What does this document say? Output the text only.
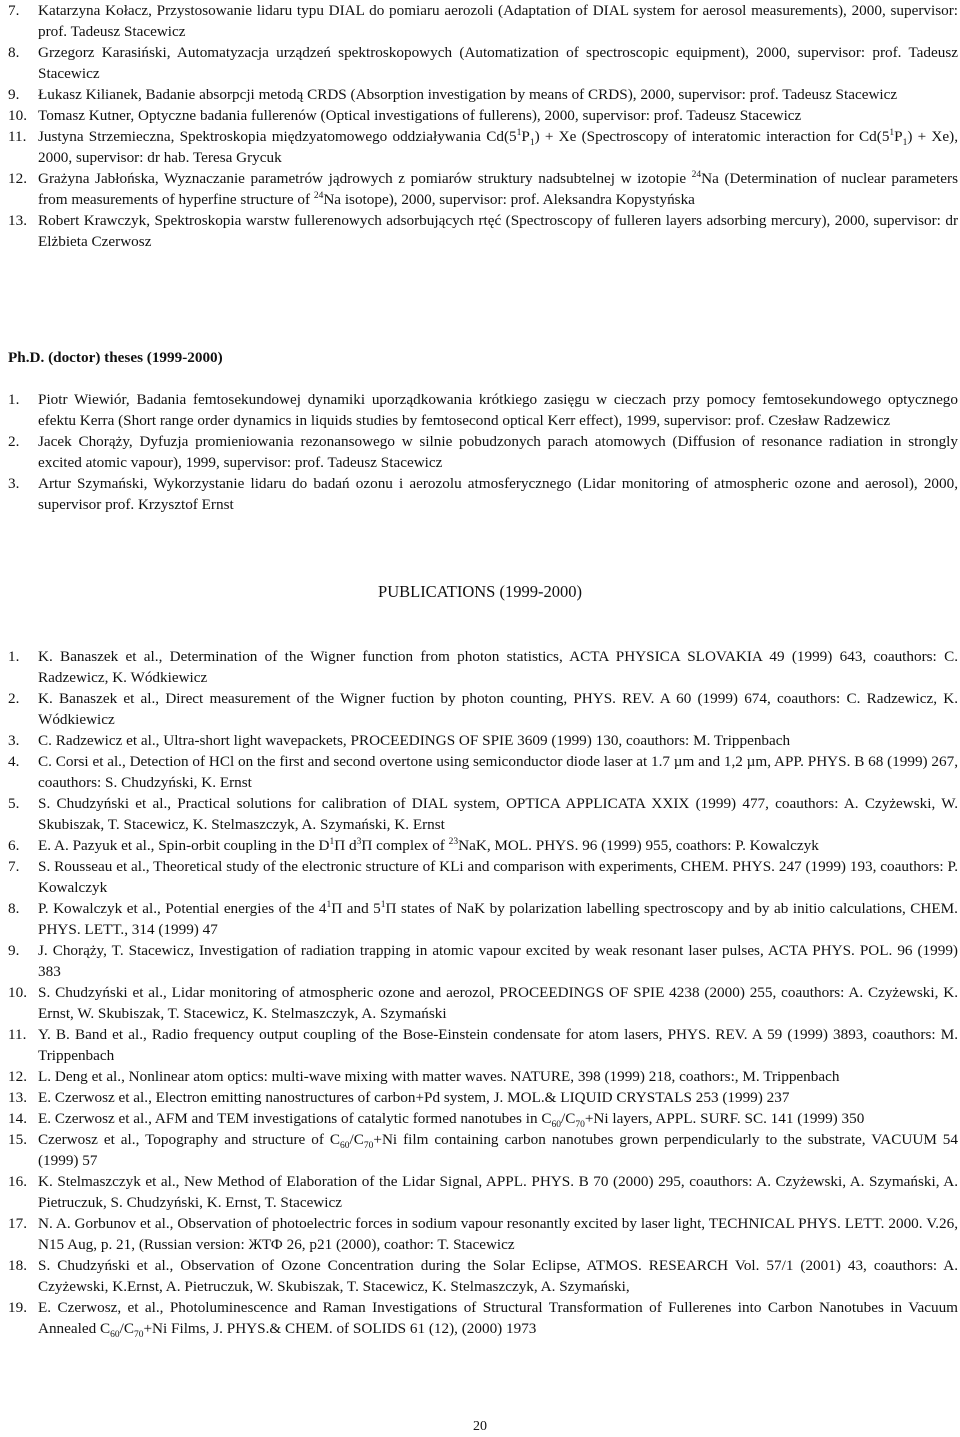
7. Katarzyna Kołacz, Przystosowanie lidaru typu DIAL do pomiaru aerozoli (Adaptation of DIAL system for aerosol measurements), 2000, supervisor: prof. Tadeusz Stacewicz
8. Grzegorz Karasiński, Automatyzacja urządzeń spektroskopowych (Automatization of spectroscopic equipment), 2000, supervisor: prof. Tadeusz Stacewicz
9. Łukasz Kilianek, Badanie absorpcji metodą CRDS (Absorption investigation by means of CRDS), 2000, supervisor: prof. Tadeusz Stacewicz
10. Tomasz Kutner, Optyczne badania fullerenów (Optical investigations of fullerens), 2000, supervisor: prof. Tadeusz Stacewicz
11. Justyna Strzemieczna, Spektroskopia międzyatomowego oddziaływania $Cd(5^1P_1) + Xe$ (Spectroscopy of interatomic interaction for $Cd(5^1P_1) + Xe$), 2000, supervisor: dr hab. Teresa Grycuk
12. Grażyna Jabłońska, Wyznaczanie parametrów jądrowych z pomiarów struktury nadsubtelnej w izotopie $^{24}$Na (Determination of nuclear parameters from measurements of hyperfine structure of $^{24}$Na isotope), 2000, supervisor: prof. Aleksandra Kopystyńska
13. Robert Krawczyk, Spektroskopia warstw fullerenowych adsorbujących rtęć (Spectroscopy of fulleren layers adsorbing mercury), 2000, supervisor: dr Elżbieta Czerwosz
Ph.D. (doctor) theses (1999-2000)
1. Piotr Wiewiór, Badania femtosekundowej dynamiki uporządkowania krótkiego zasięgu w cieczach przy pomocy femtosekundowego optycznego efektu Kerra (Short range order dynamics in liquids studies by femtosecond optical Kerr effect), 1999, supervisor: prof. Czesław Radzewicz
2. Jacek Chorąży, Dyfuzja promieniowania rezonansowego w silnie pobudzonych parach atomowych (Diffusion of resonance radiation in strongly excited atomic vapour), 1999, supervisor: prof. Tadeusz Stacewicz
3. Artur Szymański, Wykorzystanie lidaru do badań ozonu i aerozolu atmosferycznego (Lidar monitoring of atmospheric ozone and aerosol), 2000, supervisor prof. Krzysztof Ernst
PUBLICATIONS (1999-2000)
1. K. Banaszek et al., Determination of the Wigner function from photon statistics, ACTA PHYSICA SLOVAKIA 49 (1999) 643, coauthors: C. Radzewicz, K. Wódkiewicz
2. K. Banaszek et al., Direct measurement of the Wigner fuction by photon counting, PHYS. REV. A 60 (1999) 674, coauthors: C. Radzewicz, K. Wódkiewicz
3. C. Radzewicz et al., Ultra-short light wavepackets, PROCEEDINGS OF SPIE 3609 (1999) 130, coauthors: M. Trippenbach
4. C. Corsi et al., Detection of HCl on the first and second overtone using semiconductor diode laser at 1.7 µm and 1,2 µm, APP. PHYS. B 68 (1999) 267, coauthors: S. Chudzyński, K. Ernst
5. S. Chudzyński et al., Practical solutions for calibration of DIAL system, OPTICA APPLICATA XXIX (1999) 477, coauthors: A. Czyżewski, W. Skubiszak, T. Stacewicz, K. Stelmaszczyk, A. Szymański, K. Ernst
6. E. A. Pazyuk et al., Spin-orbit coupling in the $D^1\Pi$ $d^3\Pi$ complex of $^{23}$NaK, MOL. PHYS. 96 (1999) 955, coathors: P. Kowalczyk
7. S. Rousseau et al., Theoretical study of the electronic structure of KLi and comparison with experiments, CHEM. PHYS. 247 (1999) 193, coauthors: P. Kowalczyk
8. P. Kowalczyk et al., Potential energies of the $4^1\Pi$ and $5^1\Pi$ states of NaK by polarization labelling spectroscopy and by ab initio calculations, CHEM. PHYS. LETT., 314 (1999) 47
9. J. Chorąży, T. Stacewicz, Investigation of radiation trapping in atomic vapour excited by weak resonant laser pulses, ACTA PHYS. POL. 96 (1999) 383
10. S. Chudzyński et al., Lidar monitoring of atmospheric ozone and aerozol, PROCEEDINGS OF SPIE 4238 (2000) 255, coauthors: A. Czyżewski, K. Ernst, W. Skubiszak, T. Stacewicz, K. Stelmaszczyk, A. Szymański
11. Y. B. Band et al., Radio frequency output coupling of the Bose-Einstein condensate for atom lasers, PHYS. REV. A 59 (1999) 3893, coauthors: M. Trippenbach
12. L. Deng et al., Nonlinear atom optics: multi-wave mixing with matter waves. NATURE, 398 (1999) 218, coathors:, M. Trippenbach
13. E. Czerwosz et al., Electron emitting nanostructures of carbon+Pd system, J. MOL.& LIQUID CRYSTALS 253 (1999) 237
14. E. Czerwosz et al., AFM and TEM investigations of catalytic formed nanotubes in $C_{60}/C_{70}+Ni$ layers, APPL. SURF. SC. 141 (1999) 350
15. Czerwosz et al., Topography and structure of $C_{60}/C_{70}+Ni$ film containing carbon nanotubes grown perpendicularly to the substrate, VACUUM 54 (1999) 57
16. K. Stelmaszczyk et al., New Method of Elaboration of the Lidar Signal, APPL. PHYS. B 70 (2000) 295, coauthors: A. Czyżewski, A. Szymański, A. Pietruczuk, S. Chudzyński, K. Ernst, T. Stacewicz
17. N. A. Gorbunov et al., Observation of photoelectric forces in sodium vapour resonantly excited by laser light, TECHNICAL PHYS. LETT. 2000. V.26, N15 Aug, p. 21, (Russian version: ЖТФ 26, p21 (2000), coathor: T. Stacewicz
18. S. Chudzyński et al., Observation of Ozone Concentration during the Solar Eclipse, ATMOS. RESEARCH Vol. 57/1 (2001) 43, coauthors: A. Czyżewski, K.Ernst, A. Pietruczuk, W. Skubiszak, T. Stacewicz, K. Stelmaszczyk, A. Szymański,
19. E. Czerwosz, et al., Photoluminescence and Raman Investigations of Structural Transformation of Fullerenes into Carbon Nanotubes in Vacuum Annealed $C_{60}/C_{70}+Ni$ Films, J. PHYS.& CHEM. of SOLIDS 61 (12), (2000) 1973
20
